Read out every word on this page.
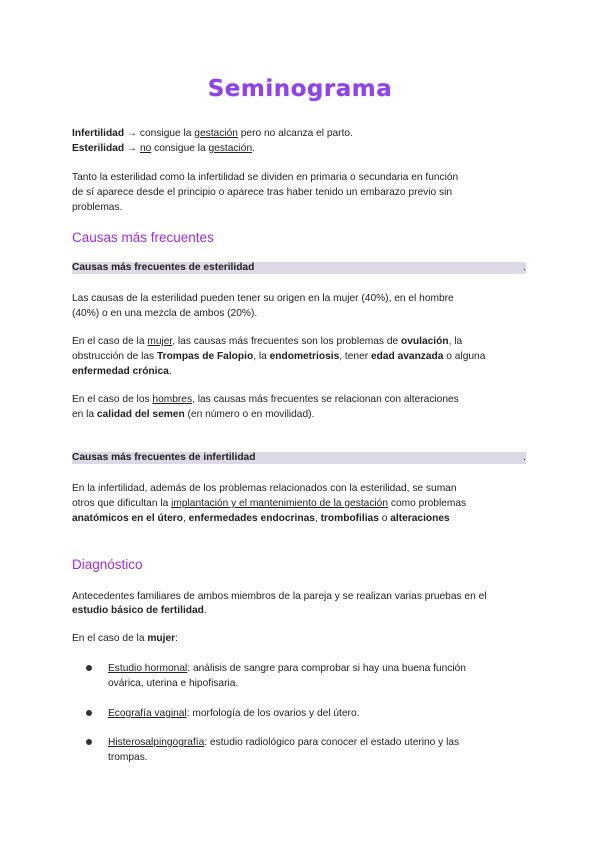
Seminograma
Infertilidad → consigue la gestación pero no alcanza el parto.
Esterilidad → no consigue la gestación.
Tanto la esterilidad como la infertilidad se dividen en primaria o secundaria en función
de sí aparece desde el principio o aparece tras haber tenido un embarazo previo sin
problemas.
Causas más frecuentes
Causas más frecuentes de esterilidad	.
Las causas de la esterilidad pueden tener su origen en la mujer (40%), en el hombre
(40%) o en una mezcla de ambos (20%).
En el caso de la mujer, las causas más frecuentes son los problemas de ovulación, la
obstrucción de las Trompas de Falopio, la endometriosis, tener edad avanzada o alguna
enfermedad crónica.
En el caso de los hombres, las causas más frecuentes se relacionan con alteraciones
en la calidad del semen (en número o en movilidad).
Causas más frecuentes de infertilidad	.
En la infertilidad, además de los problemas relacionados con la esterilidad, se suman
otros que dificultan la implantación y el mantenimiento de la gestación como problemas
anatómicos en el útero, enfermedades endocrinas, trombofilias o alteraciones
Diagnóstico
Antecedentes familiares de ambos miembros de la pareja y se realizan varias pruebas en el
estudio básico de fertilidad.
En el caso de la mujer:
Estudio hormonal: análisis de sangre para comprobar si hay una buena función
ovárica, uterina e hipofisaria.
Ecografía vaginal: morfología de los ovarios y del útero.
Histerosalpingografía: estudio radiológico para conocer el estado uterino y las
trompas.
